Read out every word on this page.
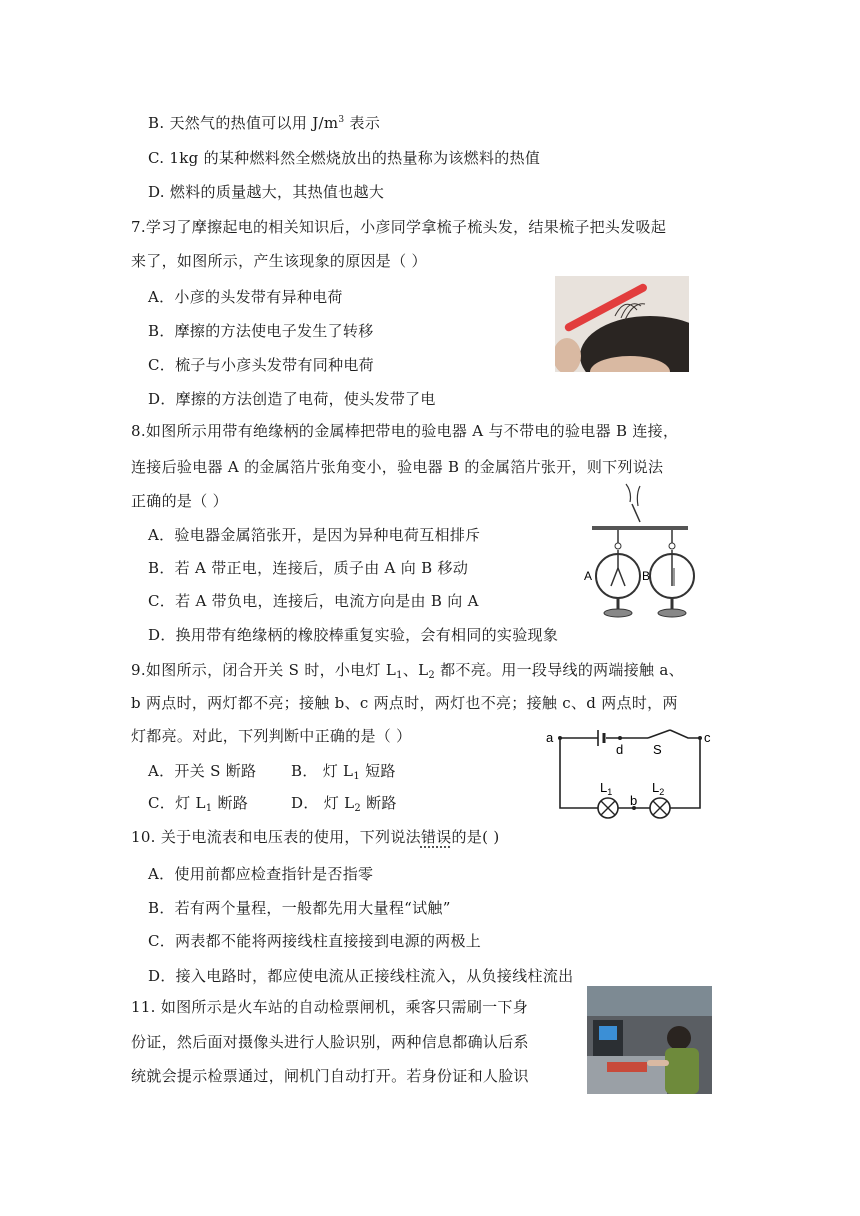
B. 天然气的热值可以用 $J/m^3$ 表示
C. 1kg 的某种燃料然全燃烧放出的热量称为该燃料的热值
D. 燃料的质量越大，其热值也越大
7.学习了摩擦起电的相关知识后，小彦同学拿梳子梳头发，结果梳子把头发吸起
来了，如图所示，产生该现象的原因是（ ）
A．小彦的头发带有异种电荷
B．摩擦的方法使电子发生了转移
C．梳子与小彦头发带有同种电荷
D．摩擦的方法创造了电荷，使头发带了电
8.如图所示用带有绝缘柄的金属棒把带电的验电器 A 与不带电的验电器 B 连接，
连接后验电器 A 的金属箔片张角变小，验电器 B 的金属箔片张开，则下列说法
正确的是（ ）
A．验电器金属箔张开，是因为异种电荷互相排斥
B．若 A 带正电，连接后，质子由 A 向 B 移动
C．若 A 带负电，连接后，电流方向是由 B 向 A
D．换用带有绝缘柄的橡胶棒重复实验，会有相同的实验现象
A	B
9.如图所示，闭合开关 S 时，小电灯 $L_1$、$L_2$ 都不亮。用一段导线的两端接触 a、
b 两点时，两灯都不亮；接触 b、c 两点时，两灯也不亮；接触 c、d 两点时，两
灯都亮。对此，下列判断中正确的是（ ）
A．开关 S 断路 B． 灯 $L_1$ 短路
C．灯 $L_1$ 断路	D． 灯 $L_2$ 断路
a
d S
c
b
$L_1$	$L_2$
10. 关于电流表和电压表的使用，下列说法错误的是( )
A．使用前都应检查指针是否指零
B．若有两个量程，一般都先用大量程“试触”
C．两表都不能将两接线柱直接接到电源的两极上
D．接入电路时，都应使电流从正接线柱流入，从负接线柱流出
11. 如图所示是火车站的自动检票闸机，乘客只需刷一下身
份证，然后面对摄像头进行人脸识别，两种信息都确认后系
统就会提示检票通过，闸机门自动打开。若身份证和人脸识
